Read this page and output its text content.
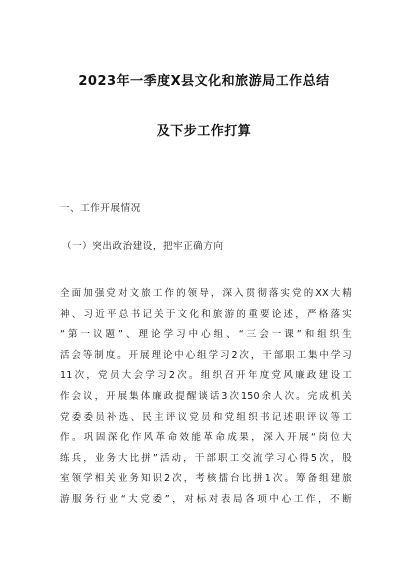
2023年一季度X县文化和旅游局工作总结
及下步工作打算
一、工作开展情况
（一）突出政治建设，把牢正确方向
全面加强党对文旅工作的领导，深入贯彻落实党的XX大精
神、习近平总书记关于文化和旅游的重要论述，严格落实
“第一议题”、理论学习中心组、“三会一课”和组织生
活会等制度。开展理论中心组学习2次，干部职工集中学习
11次，党员大会学习2次。组织召开年度党风廉政建设工
作会议，开展集体廉政提醒谈话3次150余人次。完成机关
党委委员补选、民主评议党员和党组织书记述职评议等工
作。巩固深化作风革命效能革命成果，深入开展“岗位大
练兵，业务大比拼”活动，干部职工交流学习心得5次，股
室领学相关业务知识2次，考核擂台比拼1次。筹备组建旅
游服务行业“大党委”，对标对表局各项中心工作，不断
